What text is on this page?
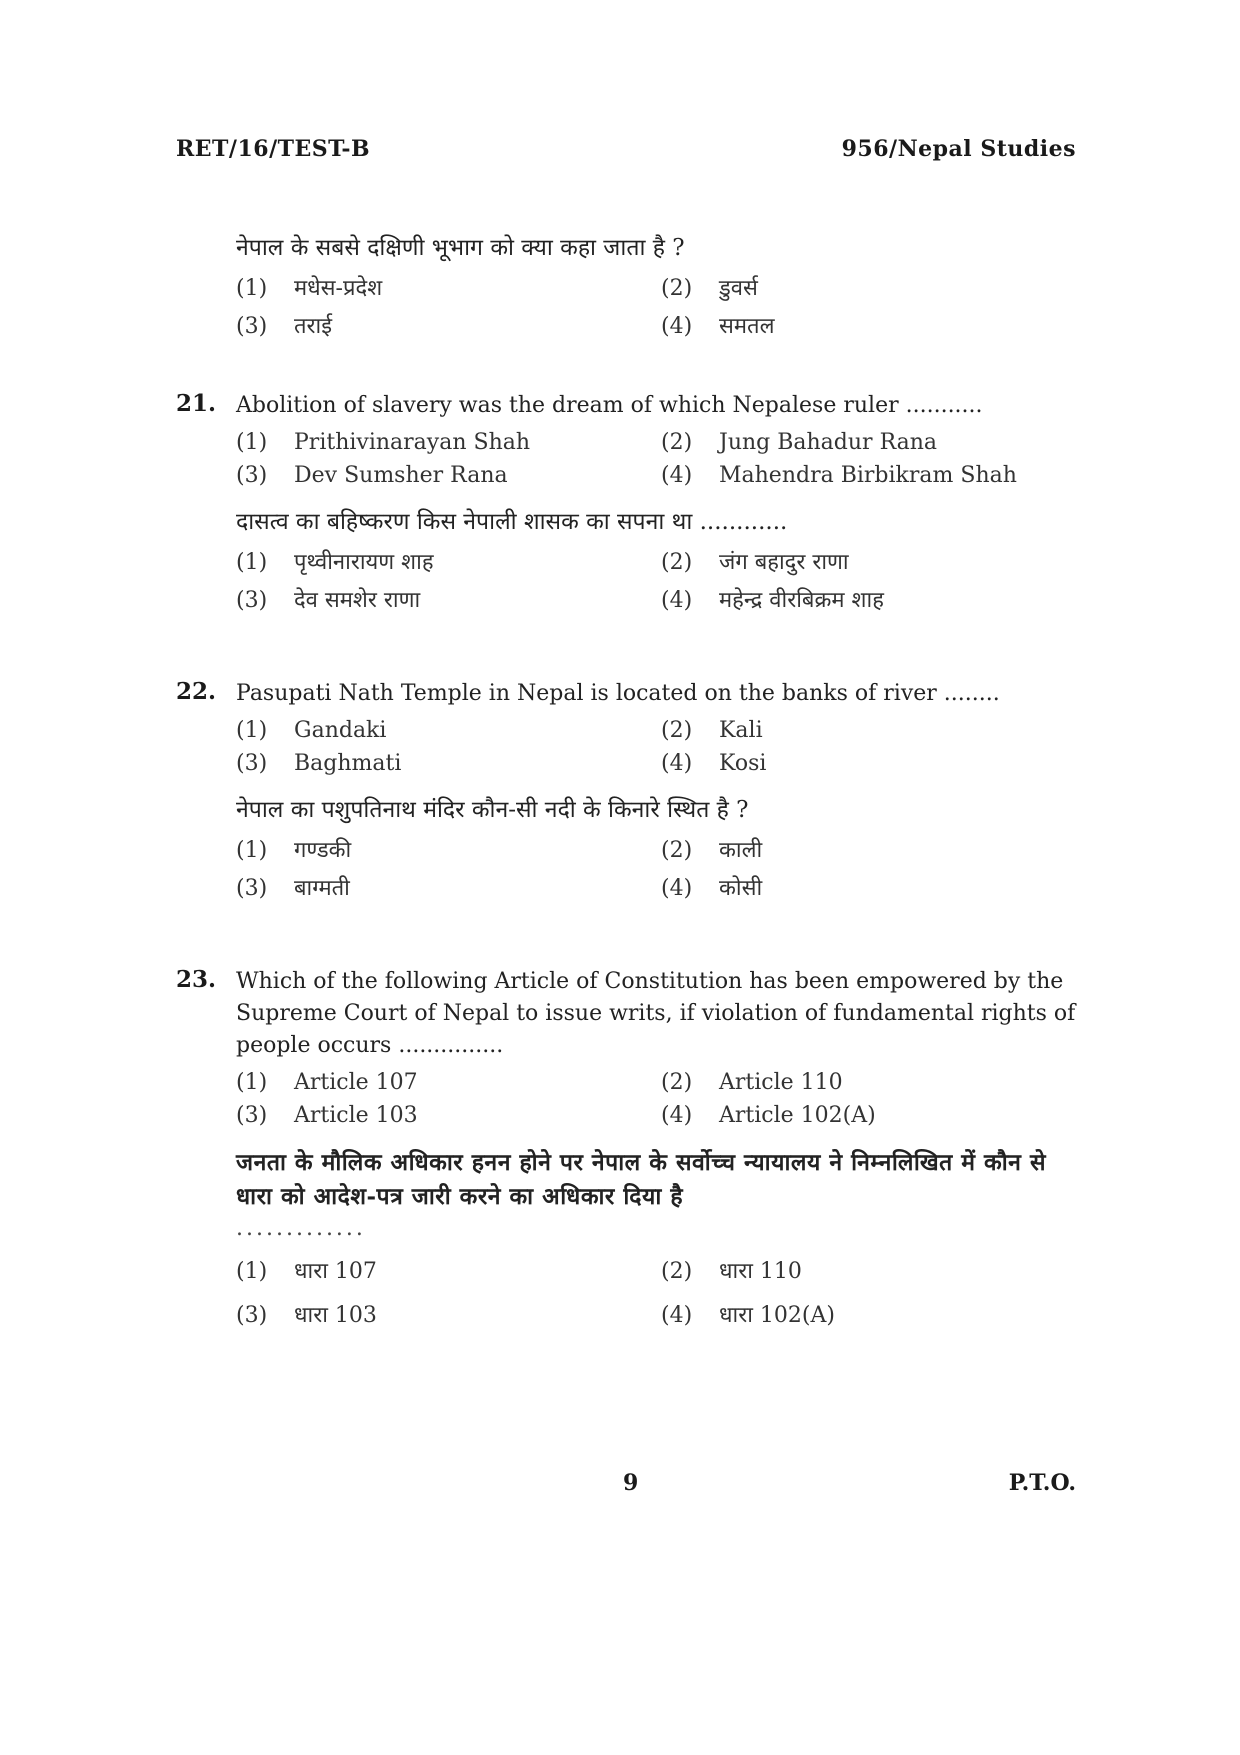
RET/16/TEST-B	956/Nepal Studies
नेपाल के सबसे दक्षिणी भूभाग को क्या कहा जाता है ?
(1)	मधेस-प्रदेश	(2)	डुवर्स
(3)	तराई	(4)	समतल
21. Abolition of slavery was the dream of which Nepalese ruler ...........
(1)	Prithivinarayan Shah	(2)	Jung Bahadur Rana
(3)	Dev Sumsher Rana	(4)	Mahendra Birbikram Shah
दासत्व का बहिष्करण किस नेपाली शासक का सपना था ............
(1)	पृथ्वीनारायण शाह	(2)	जंग बहादुर राणा
(3)	देव समशेर राणा	(4)	महेन्द्र वीरबिक्रम शाह
22. Pasupati Nath Temple in Nepal is located on the banks of river ........
(1)	Gandaki	(2)	Kali
(3)	Baghmati	(4)	Kosi
नेपाल का पशुपतिनाथ मंदिर कौन-सी नदी के किनारे स्थित है ?
(1)	गण्डकी	(2)	काली
(3)	बाग्मती	(4)	कोसी
23. Which of the following Article of Constitution has been empowered by the Supreme Court of Nepal to issue writs, if violation of fundamental rights of people occurs ...............
(1)	Article 107	(2)	Article 110
(3)	Article 103	(4)	Article 102(A)
जनता के मौलिक अधिकार हनन होने पर नेपाल के सर्वोच्च न्यायालय ने निम्नलिखित में कौन से धारा को आदेश-पत्र जारी करने का अधिकार दिया है
.............
(1)	धारा 107	(2)	धारा 110
(3)	धारा 103	(4)	धारा 102(A)
9	P.T.O.
